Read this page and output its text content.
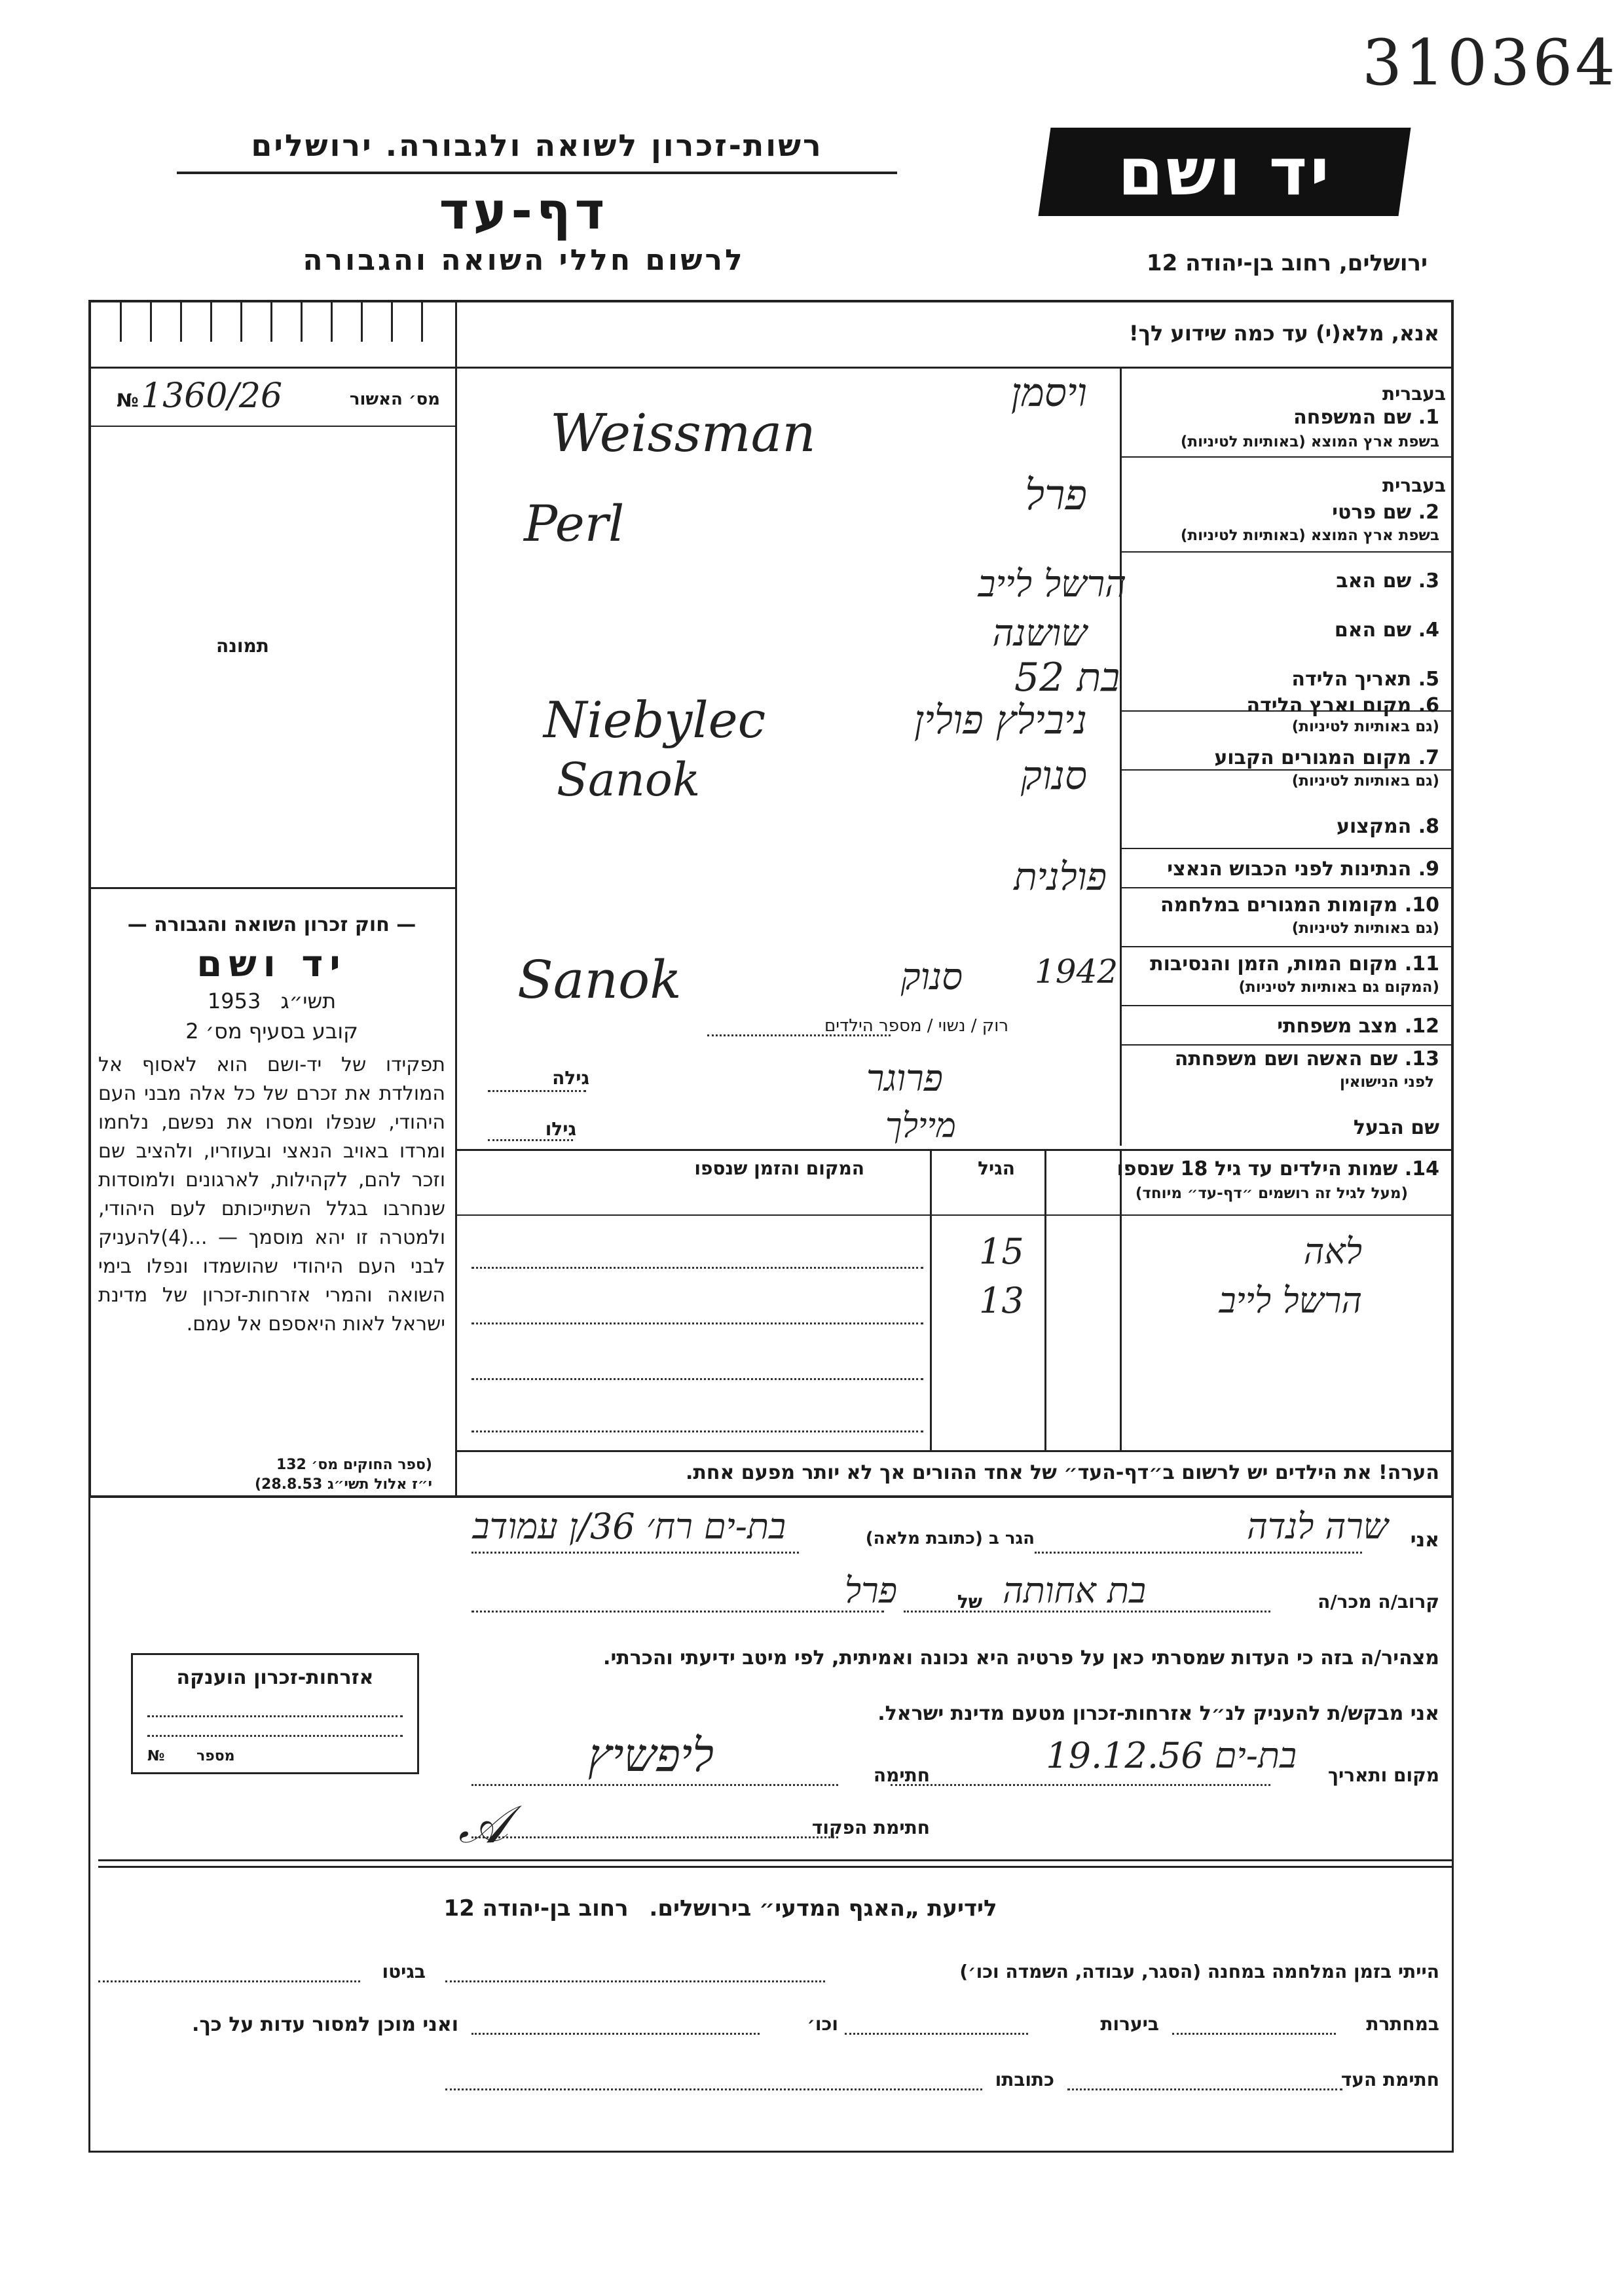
310364
רשות-זכרון לשואה ולגבורה. ירושלים
דף-עד
לרשום חללי השואה והגבורה
יד ושם
ירושלים, רחוב בן-יהודה 12
אנא, מלא(י) עד כמה שידוע לך!
№ 1360/26	מס׳ האשור
תמונה
— חוק זכרון השואה והגבורה —
יד ושם
1953 תשי״ג
קובע בסעיף מס׳ 2
תפקידו של יד-ושם הוא לאסוף אל המולדת את זכרם של כל אלה מבני העם היהודי, שנפלו ומסרו את נפשם, נלחמו ומרדו באויב הנאצי ובעוזריו, ולהציב שם וזכר להם, לקהילות, לארגונים ולמוסדות שנחרבו בגלל השתייכותם לעם היהודי, ולמטרה זו יהא מוסמך — ...(4)להעניק לבני העם היהודי שהושמדו ונפלו בימי השואה והמרי אזרחות-זכרון של מדינת ישראל לאות היאספם אל עמם.
(ספר החוקים מס׳ 132
י״ז אלול תשי״ג 28.8.53)
בעברית
1. שם המשפחה
בשפת ארץ המוצא (באותיות לטיניות)
ויסמן
Weissman
בעברית
2. שם פרטי
בשפת ארץ המוצא (באותיות לטיניות)
פרל
Perl
3. שם האב
הרשל לייב
4. שם האם
שושנה
5. תאריך הלידה
בת 52
6. מקום וארץ הלידה
(גם באותיות לטיניות)
ניבילץ פולין
Niebylec
7. מקום המגורים הקבוע
(גם באותיות לטיניות)
סנוק
Sanok
8. המקצוע
9. הנתינות לפני הכבוש הנאצי
פולנית
10. מקומות המגורים במלחמה
(גם באותיות לטיניות)
11. מקום המות, הזמן והנסיבות
(המקום גם באותיות לטיניות)
1942
סנוק
Sanok
12. מצב משפחתי
רוק / נשוי / מספר הילדים
13. שם האשה ושם משפחתה
לפני הנישואין
פרוגר
גילה
שם הבעל
מיילך
גילו
14. שמות הילדים עד גיל 18 שנספו
(מעל לגיל זה רושמים ״דף-עד״ מיוחד)
הגיל
המקום והזמן שנספו
לאה
15
הרשל לייב
13
הערה! את הילדים יש לרשום ב״דף-העד״ של אחד ההורים אך לא יותר מפעם אחת.
אני
שרה לנדה
הגר ב (כתובת מלאה)
בת-ים רח׳ 36/ן עמודב
קרוב/ה מכר/ה
בת אחותה
של
פרל
מצהיר/ה בזה כי העדות שמסרתי כאן על פרטיה היא נכונה ואמיתית, לפי מיטב ידיעתי והכרתי.
אני מבקש/ת להעניק לנ״ל אזרחות-זכרון מטעם מדינת ישראל.
מקום ותאריך
בת-ים 19.12.56
חתימה
ליפשיץ
חתימת הפקוד
𝒜
אזרחות-זכרון הוענקה
№ מספר
לידיעת „האגף המדעי״ בירושלים. רחוב בן-יהודה 12
הייתי בזמן המלחמה במחנה (הסגר, עבודה, השמדה וכו׳)
בגיטו
במחתרת
ביערות
וכו׳
ואני מוכן למסור עדות על כך.
חתימת העד
כתובתו
